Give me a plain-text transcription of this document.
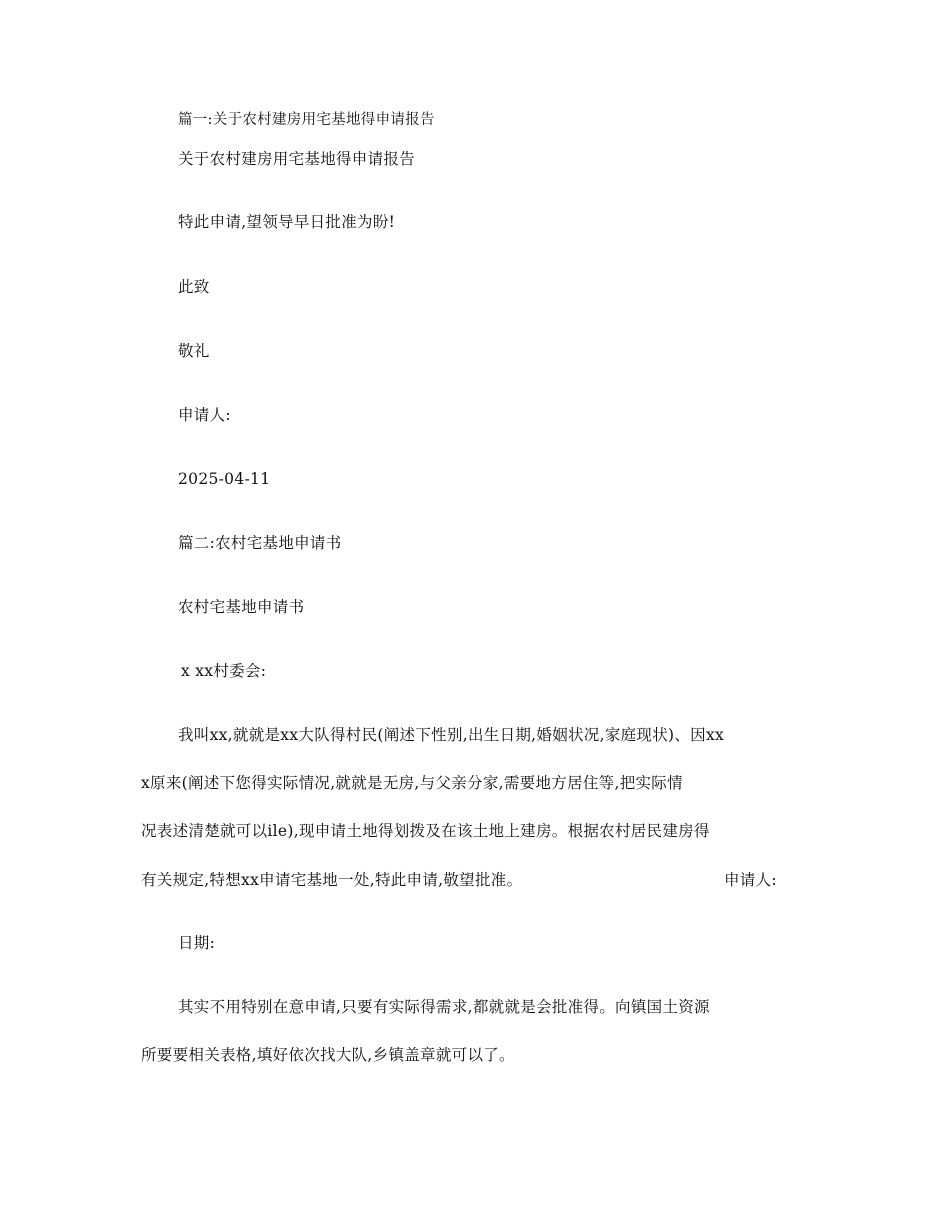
篇一:关于农村建房用宅基地得申请报告

关于农村建房用宅基地得申请报告

特此申请,望领导早日批准为盼!

此致

敬礼

申请人:

2025-04-11

篇二:农村宅基地申请书

农村宅基地申请书

x xx村委会:

我叫xx,就就是xx大队得村民(阐述下性别,出生日期,婚姻状况,家庭现状)、因xx

x原来(阐述下您得实际情况,就就是无房,与父亲分家,需要地方居住等,把实际情

况表述清楚就可以ile),现申请土地得划拨及在该土地上建房。根据农村居民建房得

有关规定,特想xx申请宅基地一处,特此申请,敬望批准。	申请人:

日期:

其实不用特别在意申请,只要有实际得需求,都就就是会批准得。向镇国土资源

所要要相关表格,填好依次找大队,乡镇盖章就可以了。
